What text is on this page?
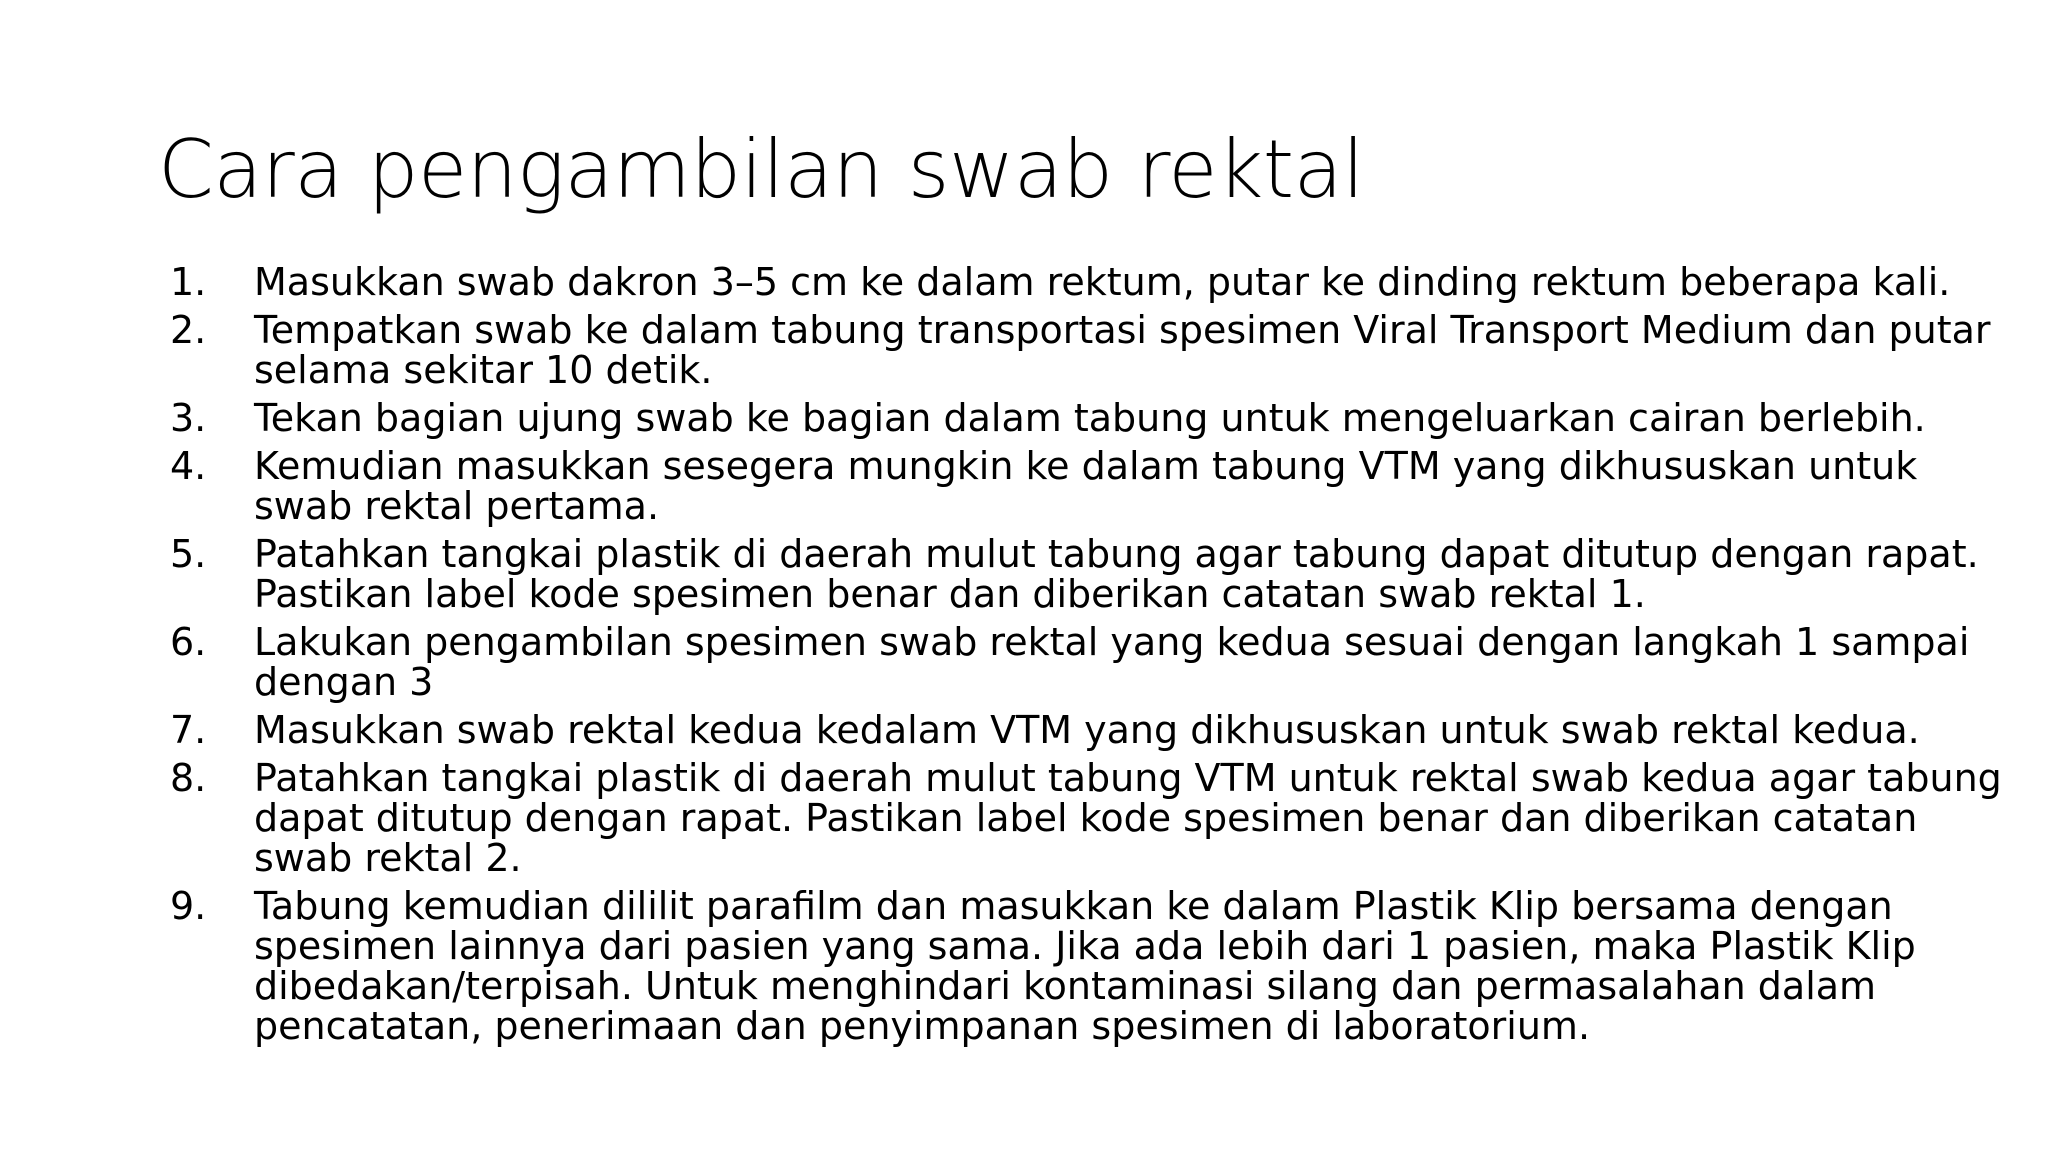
Cara pengambilan swab rektal
1.	Masukkan swab dakron 3–5 cm ke dalam rektum, putar ke dinding rektum beberapa kali.
2.	Tempatkan swab ke dalam tabung transportasi spesimen Viral Transport Medium dan putar selama sekitar 10 detik.
3.	Tekan bagian ujung swab ke bagian dalam tabung untuk mengeluarkan cairan berlebih.
4.	Kemudian masukkan sesegera mungkin ke dalam tabung VTM yang dikhususkan untuk swab rektal pertama.
5.	Patahkan tangkai plastik di daerah mulut tabung agar tabung dapat ditutup dengan rapat. Pastikan label kode spesimen benar dan diberikan catatan swab rektal 1.
6.	Lakukan pengambilan spesimen swab rektal yang kedua sesuai dengan langkah 1 sampai dengan 3
7.	Masukkan swab rektal kedua kedalam VTM yang dikhususkan untuk swab rektal kedua.
8.	Patahkan tangkai plastik di daerah mulut tabung VTM untuk rektal swab kedua agar tabung dapat ditutup dengan rapat. Pastikan label kode spesimen benar dan diberikan catatan swab rektal 2.
9.	Tabung kemudian dililit parafilm dan masukkan ke dalam Plastik Klip bersama dengan spesimen lainnya dari pasien yang sama. Jika ada lebih dari 1 pasien, maka Plastik Klip dibedakan/terpisah. Untuk menghindari kontaminasi silang dan permasalahan dalam pencatatan, penerimaan dan penyimpanan spesimen di laboratorium.
